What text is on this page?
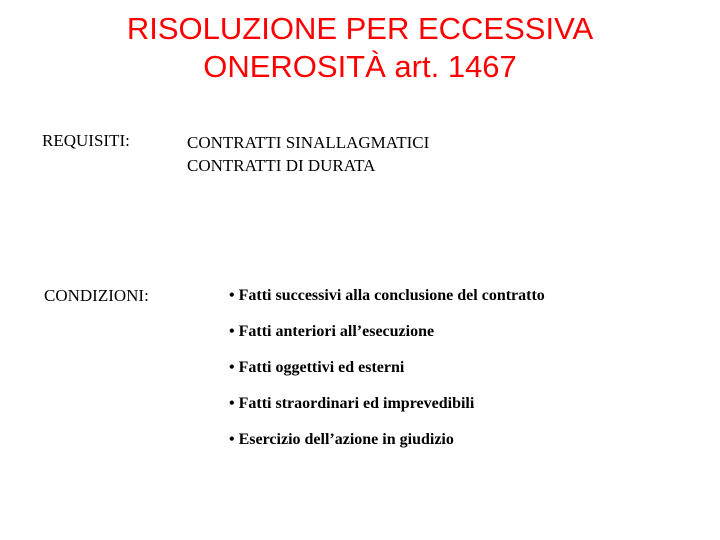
RISOLUZIONE PER ECCESSIVA
ONEROSITÀ art. 1467
REQUISITI:	CONTRATTI SINALLAGMATICI
CONTRATTI DI DURATA
CONDIZIONI:	• Fatti successivi alla conclusione del contratto
• Fatti anteriori all’esecuzione
• Fatti oggettivi ed esterni
• Fatti straordinari ed imprevedibili
• Esercizio dell’azione in giudizio
